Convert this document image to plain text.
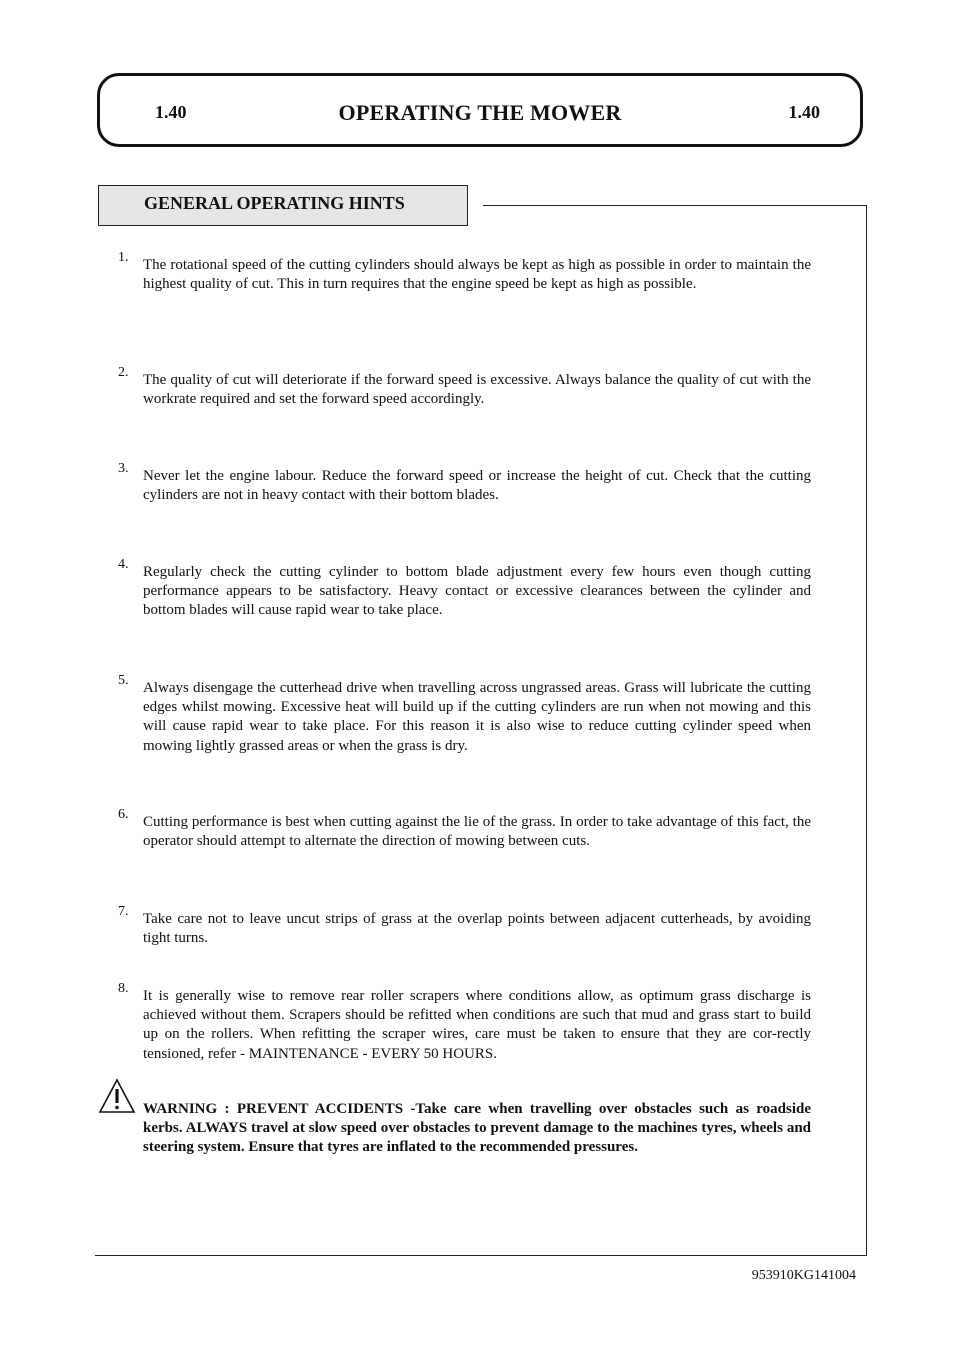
1.40	OPERATING THE MOWER	1.40
GENERAL OPERATING HINTS
1. The rotational speed of the cutting cylinders should always be kept as high as possible in order to maintain the highest quality of cut. This in turn requires that the engine speed be kept as high as possible.
2. The quality of cut will deteriorate if the forward speed is excessive. Always balance the quality of cut with the workrate required and set the forward speed accordingly.
3. Never let the engine labour. Reduce the forward speed or increase the height of cut. Check that the cutting cylinders are not in heavy contact with their bottom blades.
4. Regularly check the cutting cylinder to bottom blade adjustment every few hours even though cutting performance appears to be satisfactory. Heavy contact or excessive clearances between the cylinder and bottom blades will cause rapid wear to take place.
5. Always disengage the cutterhead drive when travelling across ungrassed areas. Grass will lubricate the cutting edges whilst mowing. Excessive heat will build up if the cutting cylinders are run when not mowing and this will cause rapid wear to take place. For this reason it is also wise to reduce cutting cylinder speed when mowing lightly grassed areas or when the grass is dry.
6. Cutting performance is best when cutting against the lie of the grass. In order to take advantage of this fact, the operator should attempt to alternate the direction of mowing between cuts.
7. Take care not to leave uncut strips of grass at the overlap points between adjacent cutterheads, by avoiding tight turns.
8. It is generally wise to remove rear roller scrapers where conditions allow, as optimum grass discharge is achieved without them. Scrapers should be refitted when conditions are such that mud and grass start to build up on the rollers. When refitting the scraper wires, care must be taken to ensure that they are cor-rectly tensioned, refer - MAINTENANCE - EVERY 50 HOURS.
WARNING : PREVENT ACCIDENTS -Take care when travelling over obstacles such as roadside kerbs. ALWAYS travel at slow speed over obstacles to prevent damage to the machines tyres, wheels and steering system. Ensure that tyres are inflated to the recommended pressures.
953910KG141004
